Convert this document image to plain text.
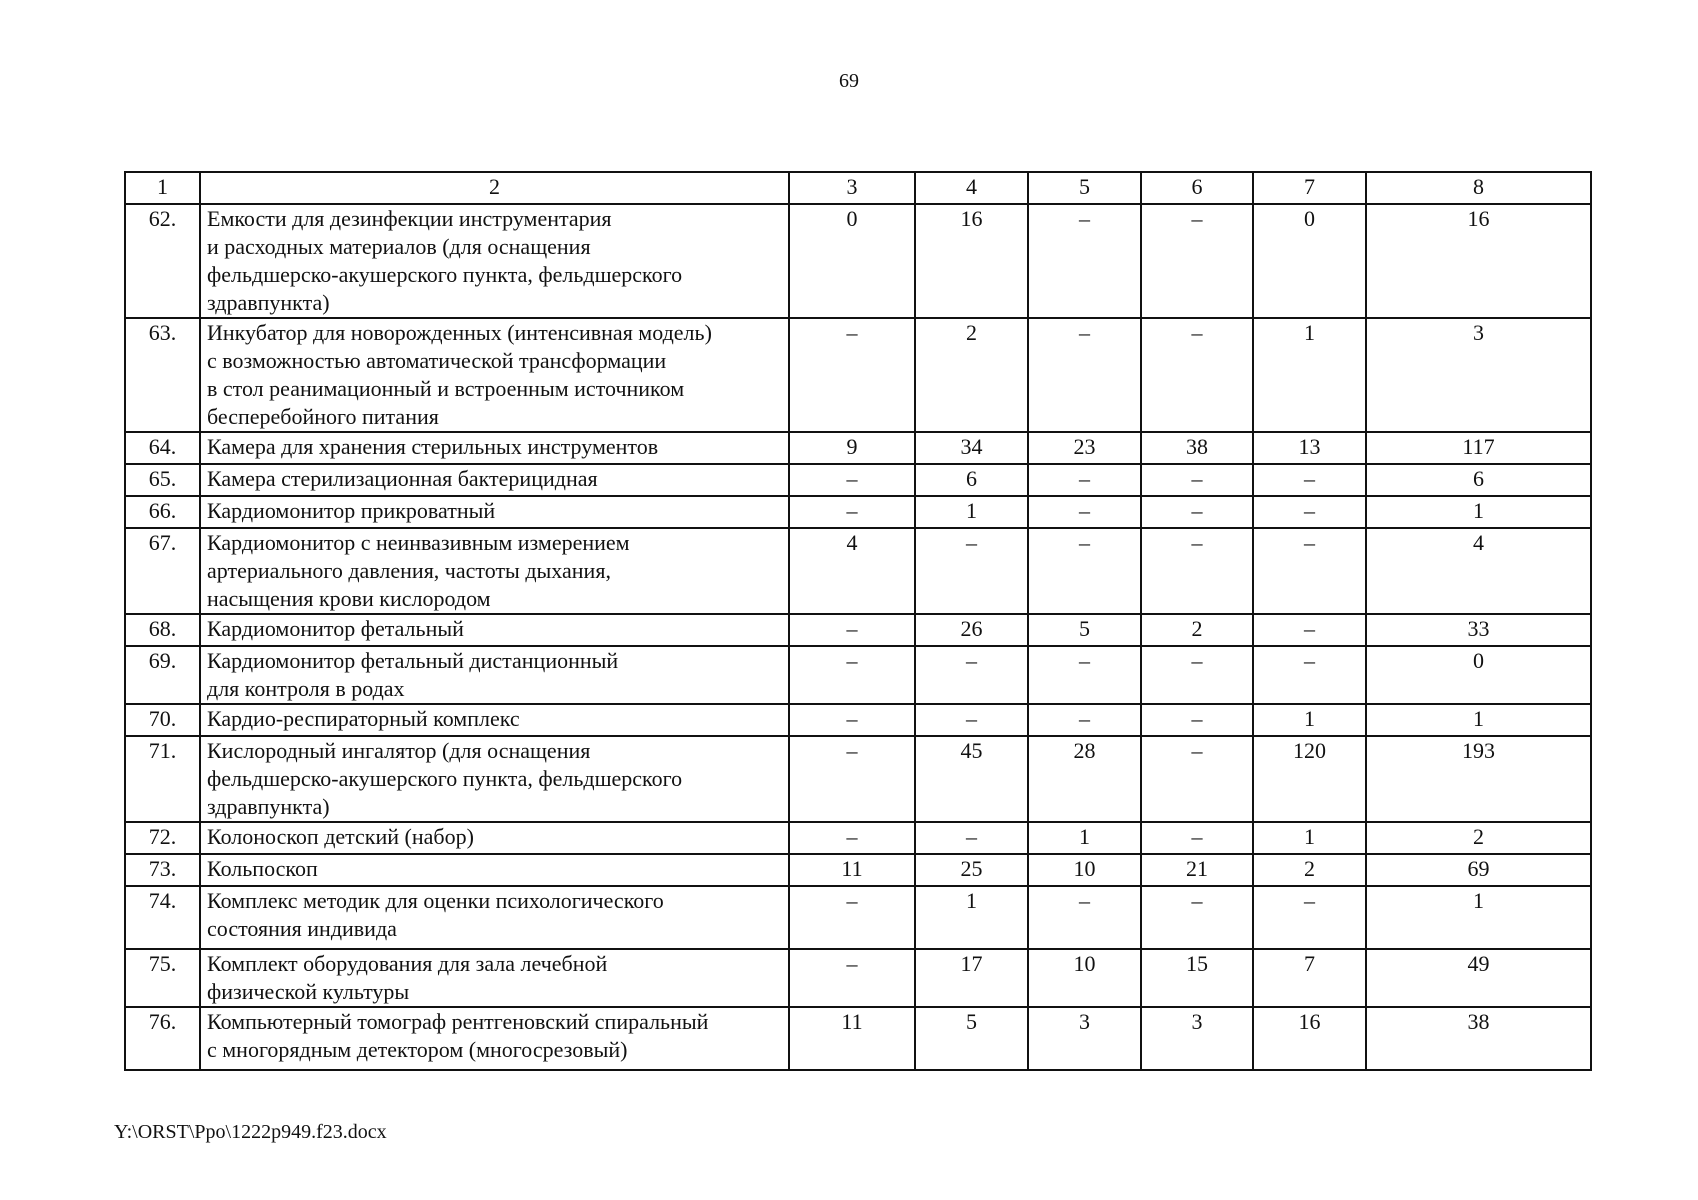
69
1	2	3	4	5	6	7	8
62.	Емкости для дезинфекции инструментария
и расходных материалов (для оснащения
фельдшерско-акушерского пункта, фельдшерского
здравпункта)	0	16	–	–	0	16
63.	Инкубатор для новорожденных (интенсивная модель)
с возможностью автоматической трансформации
в стол реанимационный и встроенным источником
бесперебойного питания	–	2	–	–	1	3
64.	Камера для хранения стерильных инструментов	9	34	23	38	13	117
65.	Камера стерилизационная бактерицидная	–	6	–	–	–	6
66.	Кардиомонитор прикроватный	–	1	–	–	–	1
67.	Кардиомонитор с неинвазивным измерением
артериального давления, частоты дыхания,
насыщения крови кислородом	4	–	–	–	–	4
68.	Кардиомонитор фетальный	–	26	5	2	–	33
69.	Кардиомонитор фетальный дистанционный
для контроля в родах	–	–	–	–	–	0
70.	Кардио-респираторный комплекс	–	–	–	–	1	1
71.	Кислородный ингалятор (для оснащения
фельдшерско-акушерского пункта, фельдшерского
здравпункта)	–	45	28	–	120	193
72.	Колоноскоп детский (набор)	–	–	1	–	1	2
73.	Кольпоскоп	11	25	10	21	2	69
74.	Комплекс методик для оценки психологического
состояния индивида	–	1	–	–	–	1
75.	Комплект оборудования для зала лечебной
физической культуры	–	17	10	15	7	49
76.	Компьютерный томограф рентгеновский спиральный
с многорядным детектором (многосрезовый)	11	5	3	3	16	38
Y:\ORST\Ppo\1222p949.f23.docx
